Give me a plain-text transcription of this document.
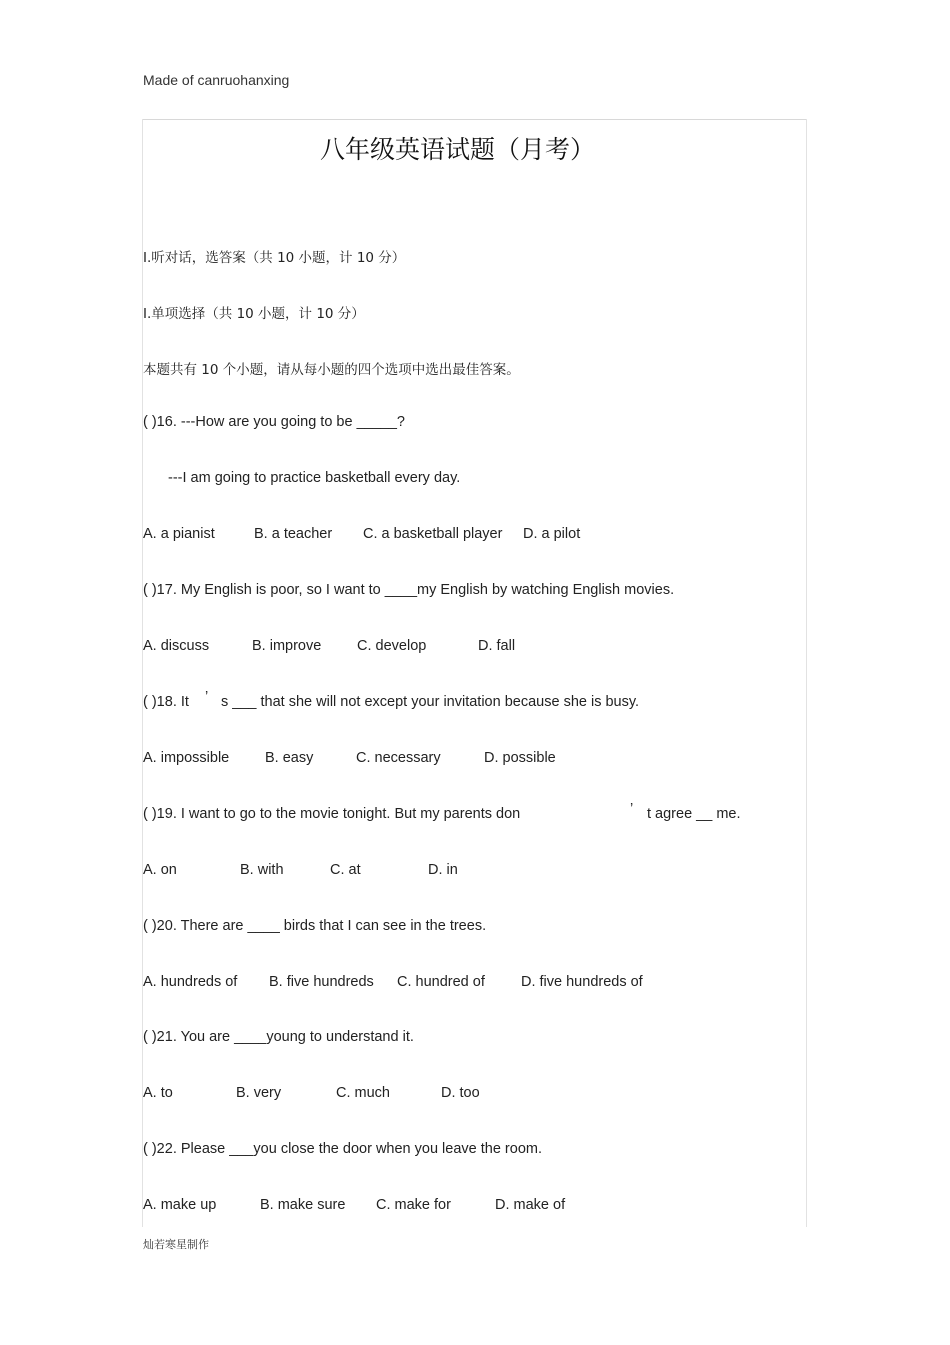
Made of canruohanxing
八年级英语试题（月考）
Ⅰ.听对话，选答案（共 10 小题，计 10 分）
Ⅰ.单项选择（共 10 小题，计 10 分）
本题共有 10 个小题，请从每小题的四个选项中选出最佳答案。
( )16. ---How are you going to be _____?
---I am going to practice basketball every day.
A. a pianist	B. a teacher C. a basketball player D. a pilot
( )17. My English is poor, so I want to ____my English by watching English movies.
A. discuss	B. improve C. develop	D. fall
( )18. It ’ s ___ that she will not except your invitation because she is busy.
A. impossible B. easy	C. necessary	D. possible
( )19. I want to go to the movie tonight. But my parents don	’ t agree __ me.
A. on	B. with	C. at	D. in
( )20. There are ____ birds that I can see in the trees.
A. hundreds of B. five hundreds C. hundred of D. five hundreds of
( )21. You are ____young to understand it.
A. to	B. very	C. much	D. too
( )22. Please ___you close the door when you leave the room.
A. make up	B. make sure C. make for	D. make of
灿若寒星制作
